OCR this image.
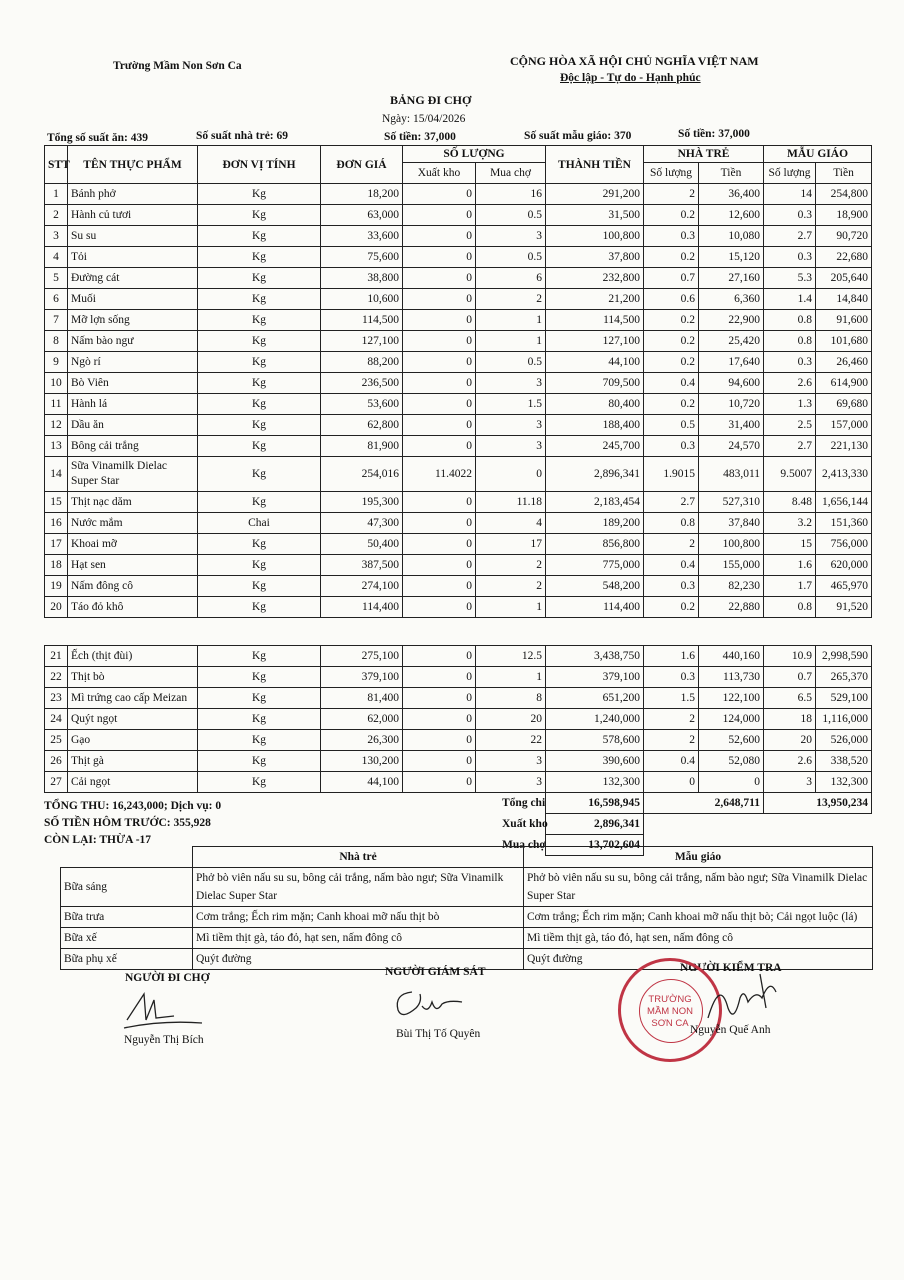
Trường Mầm Non Sơn Ca	CỘNG HÒA XÃ HỘI CHỦ NGHĨA VIỆT NAM
Độc lập - Tự do - Hạnh phúc
BẢNG ĐI CHỢ
Ngày: 15/04/2026
Tổng số suất ăn: 439	Số suất nhà trẻ: 69	Số tiền: 37,000	Số suất mẫu giáo: 370	Số tiền: 37,000
STT	TÊN THỰC PHẨM	ĐƠN VỊ TÍNH	ĐƠN GIÁ	SỐ LƯỢNG		THÀNH TIỀN	NHÀ TRẺ		MẪU GIÁO	
				Xuất kho	Mua chợ		Số lượng	Tiền	Số lượng	Tiền
1	Bánh phở	Kg	18,200	0	16	291,200	2	36,400	14	254,800
2	Hành củ tươi	Kg	63,000	0	0.5	31,500	0.2	12,600	0.3	18,900
3	Su su	Kg	33,600	0	3	100,800	0.3	10,080	2.7	90,720
4	Tỏi	Kg	75,600	0	0.5	37,800	0.2	15,120	0.3	22,680
5	Đường cát	Kg	38,800	0	6	232,800	0.7	27,160	5.3	205,640
6	Muối	Kg	10,600	0	2	21,200	0.6	6,360	1.4	14,840
7	Mỡ lợn sống	Kg	114,500	0	1	114,500	0.2	22,900	0.8	91,600
8	Nấm bào ngư	Kg	127,100	0	1	127,100	0.2	25,420	0.8	101,680
9	Ngò rí	Kg	88,200	0	0.5	44,100	0.2	17,640	0.3	26,460
10	Bò Viên	Kg	236,500	0	3	709,500	0.4	94,600	2.6	614,900
11	Hành lá	Kg	53,600	0	1.5	80,400	0.2	10,720	1.3	69,680
12	Dầu ăn	Kg	62,800	0	3	188,400	0.5	31,400	2.5	157,000
13	Bông cải trắng	Kg	81,900	0	3	245,700	0.3	24,570	2.7	221,130
14	Sữa Vinamilk Dielac Super Star	Kg	254,016	11.4022	0	2,896,341	1.9015	483,011	9.5007	2,413,330
15	Thịt nạc dăm	Kg	195,300	0	11.18	2,183,454	2.7	527,310	8.48	1,656,144
16	Nước mắm	Chai	47,300	0	4	189,200	0.8	37,840	3.2	151,360
17	Khoai mỡ	Kg	50,400	0	17	856,800	2	100,800	15	756,000
18	Hạt sen	Kg	387,500	0	2	775,000	0.4	155,000	1.6	620,000
19	Nấm đông cô	Kg	274,100	0	2	548,200	0.3	82,230	1.7	465,970
20	Táo đỏ khô	Kg	114,400	0	1	114,400	0.2	22,880	0.8	91,520
21	Ếch (thịt đùi)	Kg	275,100	0	12.5	3,438,750	1.6	440,160	10.9	2,998,590
22	Thịt bò	Kg	379,100	0	1	379,100	0.3	113,730	0.7	265,370
23	Mì trứng cao cấp Meizan	Kg	81,400	0	8	651,200	1.5	122,100	6.5	529,100
24	Quýt ngọt	Kg	62,000	0	20	1,240,000	2	124,000	18	1,116,000
25	Gạo	Kg	26,300	0	22	578,600	2	52,600	20	526,000
26	Thịt gà	Kg	130,200	0	3	390,600	0.4	52,080	2.6	338,520
27	Cải ngọt	Kg	44,100	0	3	132,300	0	0	3	132,300

						Tổng chi 16,598,945	2,648,711		13,950,234	

						Xuất kho 2,896,341				

						Mua chợ 13,702,604				
TỔNG THU: 16,243,000; Dịch vụ: 0
SỐ TIỀN HÔM TRƯỚC: 355,928
CÒN LẠI: THỪA -17
	Nhà trẻ	Mẫu giáo
Bữa sáng	Phở bò viên nấu su su, bông cải trắng, nấm bào ngư; Sữa Vinamilk Dielac Super Star	Phở bò viên nấu su su, bông cải trắng, nấm bào ngư; Sữa Vinamilk Dielac Super Star
Bữa trưa	Cơm trắng; Ếch rim mặn; Canh khoai mỡ nấu thịt bò	Cơm trắng; Ếch rim mặn; Canh khoai mỡ nấu thịt bò; Cải ngọt luộc (lá)
Bữa xế	Mì tiềm thịt gà, táo đỏ, hạt sen, nấm đông cô	Mì tiềm thịt gà, táo đỏ, hạt sen, nấm đông cô
Bữa phụ xế	Quýt đường	Quýt đường
NGƯỜI ĐI CHỢ
Nguyễn Thị Bích
NGƯỜI GIÁM SÁT
Bùi Thị Tố Quyên
NGƯỜI KIỂM TRA
TRƯỜNG
MẦM NON
SƠN CA
Nguyễn Quế Anh
